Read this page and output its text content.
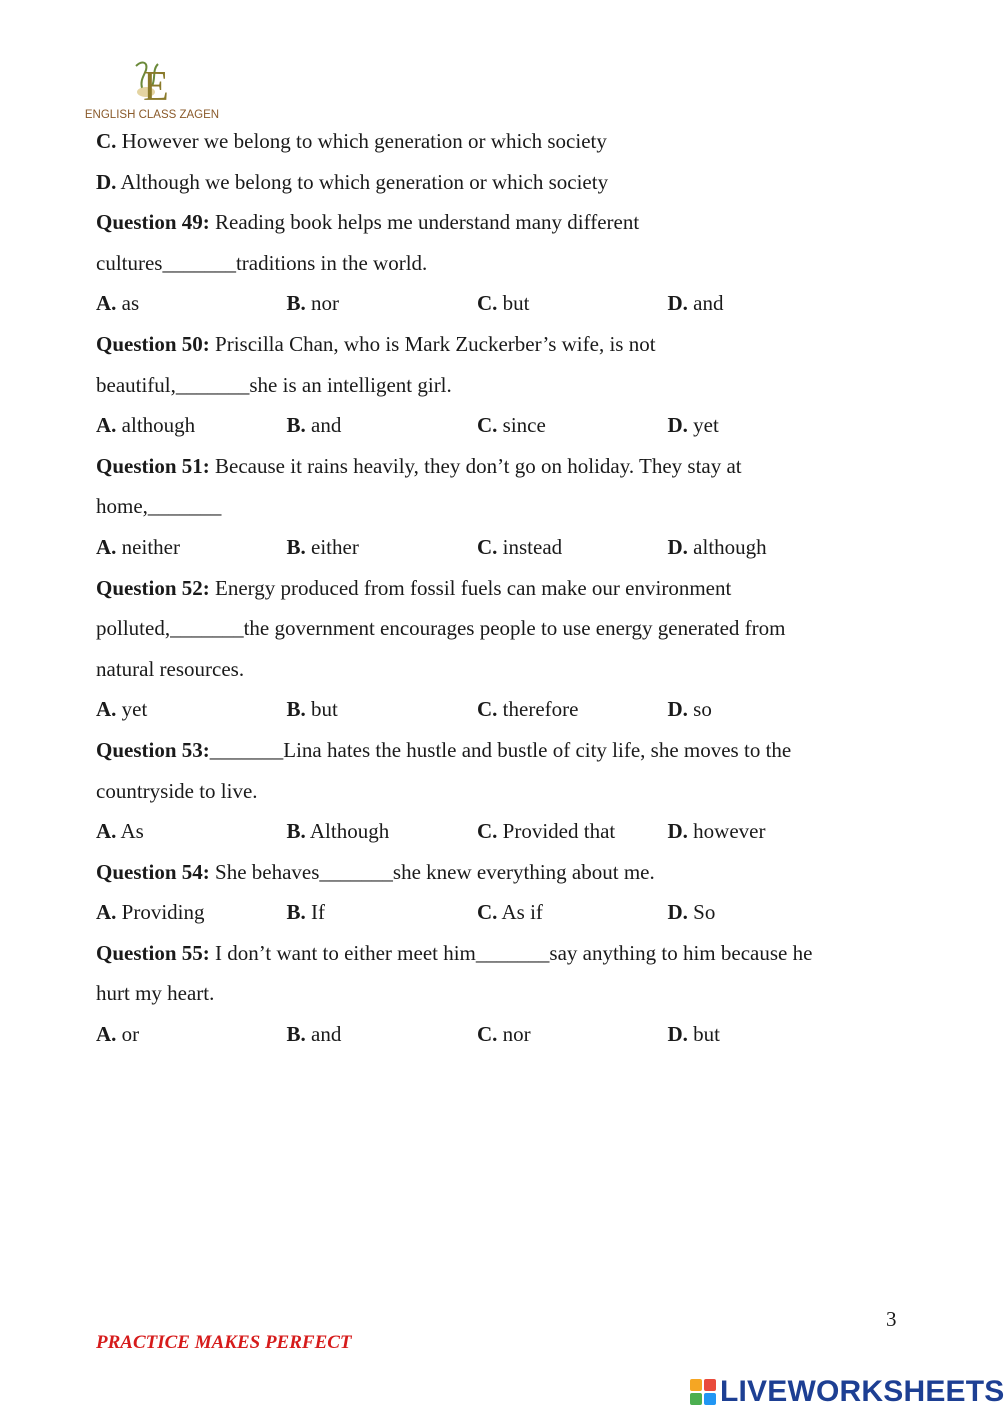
E
ENGLISH CLASS ZAGEN
C. However we belong to which generation or which society
D. Although we belong to which generation or which society
Question 49: Reading book helps me understand many different
cultures_______traditions in the world.
A. as	B. nor	C. but	D. and
Question 50: Priscilla Chan, who is Mark Zuckerber’s wife, is not
beautiful,_______she is an intelligent girl.
A. although	B. and	C. since	D. yet
Question 51: Because it rains heavily, they don’t go on holiday. They stay at
home,_______
A. neither	B. either	C. instead	D. although
Question 52: Energy produced from fossil fuels can make our environment
polluted,_______the government encourages people to use energy generated from
natural resources.
A. yet	B. but	C. therefore	D. so
Question 53:_______Lina hates the hustle and bustle of city life, she moves to the
countryside to live.
A. As	B. Although	C. Provided that	D. however
Question 54: She behaves_______she knew everything about me.
A. Providing	B. If	C. As if	D. So
Question 55: I don’t want to either meet him_______say anything to him because he
hurt my heart.
A. or	B. and	C. nor	D. but
3
PRACTICE MAKES PERFECT
LIVEWORKSHEETS
